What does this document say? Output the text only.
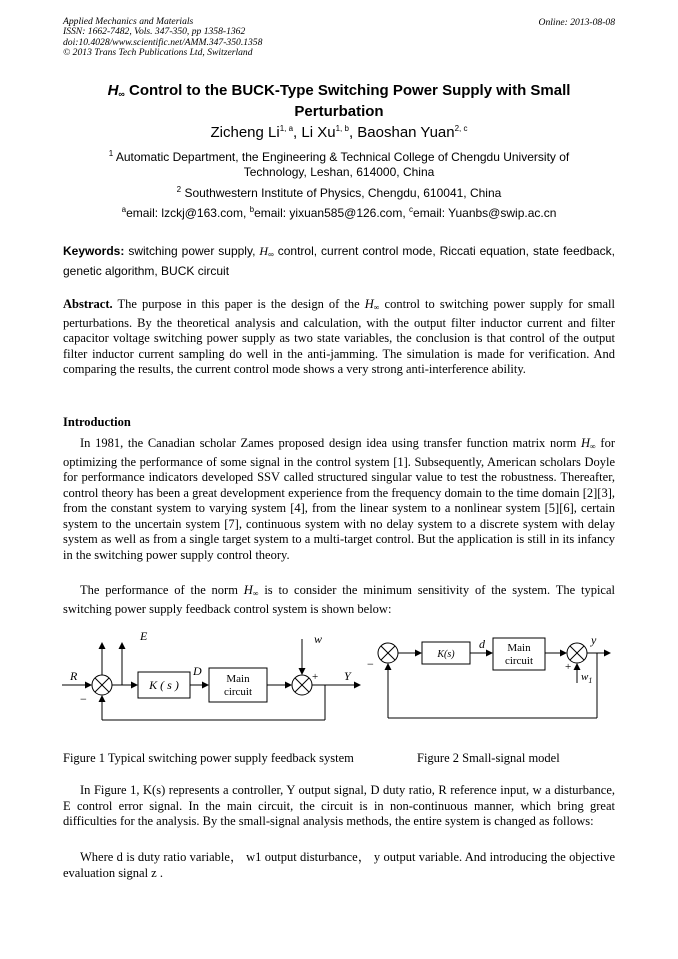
Applied Mechanics and Materials
ISSN: 1662-7482, Vols. 347-350, pp 1358-1362
doi:10.4028/www.scientific.net/AMM.347-350.1358
© 2013 Trans Tech Publications Ltd, Switzerland
Online: 2013-08-08
H∞ Control to the BUCK-Type Switching Power Supply with Small
Perturbation
Zicheng Li$^{1, a}$, Li Xu$^{1, b}$, Baoshan Yuan$^{2, c}$
$^1$ Automatic Department, the Engineering & Technical College of Chengdu University of
Technology, Leshan, 614000, China
$^2$ Southwestern Institute of Physics, Chengdu, 610041, China
$^a$email: lzckj@163.com, $^b$email: yixuan585@126.com, $^c$email: Yuanbs@swip.ac.cn
Keywords: switching power supply, H∞ control, current control mode, Riccati equation, state feedback, genetic algorithm, BUCK circuit
Abstract. The purpose in this paper is the design of the H∞ control to switching power supply for small perturbations. By the theoretical analysis and calculation, with the output filter inductor current and filter capacitor voltage switching power supply as two state variables, the conclusion is that control of the output filter inductor current sampling do well in the anti-jamming. The simulation is made for verification. And comparing the results, the current control mode shows a very strong anti-interference ability.
Introduction
In 1981, the Canadian scholar Zames proposed design idea using transfer function matrix norm H∞ for optimizing the performance of some signal in the control system [1]. Subsequently, American scholars Doyle for performance indicators developed SSV called structured singular value to test the robustness. Thereafter, control theory has been a great development experience from the frequency domain to the time domain [2][3], from the constant system to varying system [4], from the linear system to a nonlinear system [5][6], certain system to the uncertain system [7], continuous system with no delay system to a discrete system with delay system as well as from a single target system to a multi-target control. But the application is still in its infancy in the switching power supply control theory.
The performance of the norm H∞ is to consider the minimum sensitivity of the system. The typical switching power supply feedback control system is shown below:
E	w
R	D	Y
K ( s )	Main
circuit
−
+
K(s)
d	y
$w_1$
Main
circuit
−	+
Figure 1 Typical switching power supply feedback system	Figure 2 Small-signal model
In Figure 1, K(s) represents a controller, Y output signal, D duty ratio, R reference input, w a disturbance, E control error signal. In the main circuit, the circuit is in non-continuous manner, which bring great difficulties for the analysis. By the small-signal analysis methods, the entire system is changed as follows:
Where d is duty ratio variable， w1 output disturbance， y output variable. And introducing the objective evaluation signal z .
